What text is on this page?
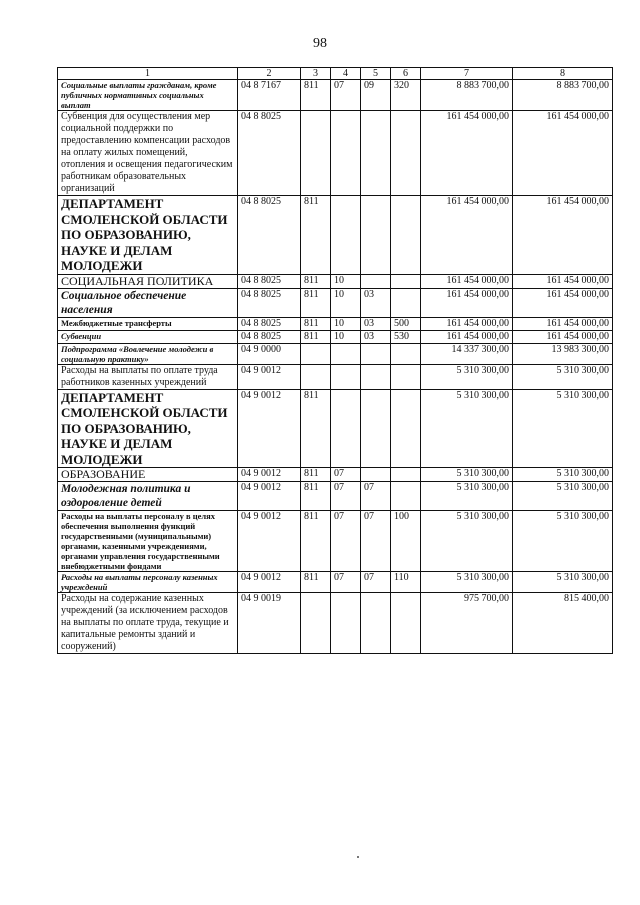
98
1	2	3	4	5	6	7	8
Социальные выплаты гражданам, кроме публичных нормативных социальных выплат	04 8 7167	811	07	09	320	8 883 700,00	8 883 700,00
Субвенция для осуществления мер социальной поддержки по предоставлению компенсации расходов на оплату жилых помещений, отопления и освещения педагогическим работникам образовательных организаций	04 8 8025					161 454 000,00	161 454 000,00
ДЕПАРТАМЕНТ СМОЛЕНСКОЙ ОБЛАСТИ ПО ОБРАЗОВАНИЮ, НАУКЕ И ДЕЛАМ МОЛОДЕЖИ	04 8 8025	811				161 454 000,00	161 454 000,00
СОЦИАЛЬНАЯ ПОЛИТИКА	04 8 8025	811	10			161 454 000,00	161 454 000,00
Социальное обеспечение населения	04 8 8025	811	10	03		161 454 000,00	161 454 000,00
Межбюджетные трансферты	04 8 8025	811	10	03	500	161 454 000,00	161 454 000,00
Субвенции	04 8 8025	811	10	03	530	161 454 000,00	161 454 000,00
Подпрограмма «Вовлечение молодежи в социальную практику»	04 9 0000					14 337 300,00	13 983 300,00
Расходы на выплаты по оплате труда работников казенных учреждений	04 9 0012					5 310 300,00	5 310 300,00
ДЕПАРТАМЕНТ СМОЛЕНСКОЙ ОБЛАСТИ ПО ОБРАЗОВАНИЮ, НАУКЕ И ДЕЛАМ МОЛОДЕЖИ	04 9 0012	811				5 310 300,00	5 310 300,00
ОБРАЗОВАНИЕ	04 9 0012	811	07			5 310 300,00	5 310 300,00
Молодежная политика и оздоровление детей	04 9 0012	811	07	07		5 310 300,00	5 310 300,00
Расходы на выплаты персоналу в целях обеспечения выполнения функций государственными (муниципальными) органами, казенными учреждениями, органами управления государственными внебюджетными фондами	04 9 0012	811	07	07	100	5 310 300,00	5 310 300,00
Расходы на выплаты персоналу казенных учреждений	04 9 0012	811	07	07	110	5 310 300,00	5 310 300,00
Расходы на содержание казенных учреждений (за исключением расходов на выплаты по оплате труда, текущие и капитальные ремонты зданий и сооружений)	04 9 0019					975 700,00	815 400,00
